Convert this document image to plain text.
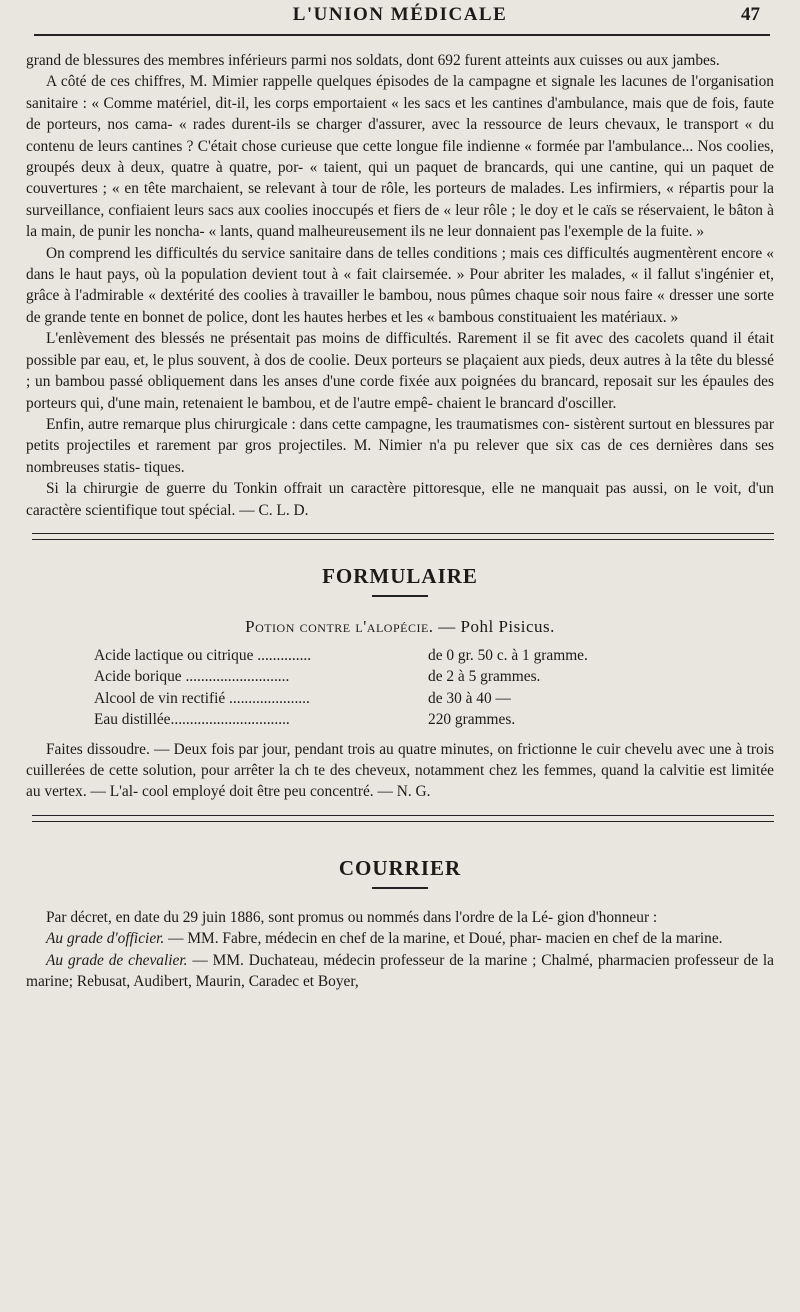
L'UNION MÉDICALE	47

grand de blessures des membres inférieurs parmi nos soldats, dont 692 furent atteints aux cuisses ou aux jambes.

A côté de ces chiffres, M. Mimier rappelle quelques épisodes de la campagne et signale les lacunes de l'organisation sanitaire : « Comme matériel, dit-il, les corps emportaient « les sacs et les cantines d'ambulance, mais que de fois, faute de porteurs, nos cama- « rades durent-ils se charger d'assurer, avec la ressource de leurs chevaux, le transport « du contenu de leurs cantines ? C'était chose curieuse que cette longue file indienne « formée par l'ambulance... Nos coolies, groupés deux à deux, quatre à quatre, por- « taient, qui un paquet de brancards, qui une cantine, qui un paquet de couvertures ; « en tête marchaient, se relevant à tour de rôle, les porteurs de malades. Les infirmiers, « répartis pour la surveillance, confiaient leurs sacs aux coolies inoccupés et fiers de « leur rôle ; le doy et le caïs se réservaient, le bâton à la main, de punir les noncha- « lants, quand malheureusement ils ne leur donnaient pas l'exemple de la fuite. »

On comprend les difficultés du service sanitaire dans de telles conditions ; mais ces difficultés augmentèrent encore « dans le haut pays, où la population devient tout à « fait clairsemée. » Pour abriter les malades, « il fallut s'ingénier et, grâce à l'admirable « dextérité des coolies à travailler le bambou, nous pûmes chaque soir nous faire « dresser une sorte de grande tente en bonnet de police, dont les hautes herbes et les « bambous constituaient les matériaux. »

L'enlèvement des blessés ne présentait pas moins de difficultés. Rarement il se fit avec des cacolets quand il était possible par eau, et, le plus souvent, à dos de coolie. Deux porteurs se plaçaient aux pieds, deux autres à la tête du blessé ; un bambou passé obliquement dans les anses d'une corde fixée aux poignées du brancard, reposait sur les épaules des porteurs qui, d'une main, retenaient le bambou, et de l'autre empê- chaient le brancard d'osciller.

Enfin, autre remarque plus chirurgicale : dans cette campagne, les traumatismes con- sistèrent surtout en blessures par petits projectiles et rarement par gros projectiles. M. Nimier n'a pu relever que six cas de ces dernières dans ses nombreuses statis- tiques.

Si la chirurgie de guerre du Tonkin offrait un caractère pittoresque, elle ne manquait pas aussi, on le voit, d'un caractère scientifique tout spécial. — C. L. D.

FORMULAIRE
Potion contre l'alopécie. — Pohl Pisicus.
Acide lactique ou citrique ..............	de 0 gr. 50 c. à 1 gramme.
Acide borique ...........................	de 2 à 5 grammes.
Alcool de vin rectifié .....................	de 30 à 40 —
Eau distillée...............................	220 grammes.

Faites dissoudre. — Deux fois par jour, pendant trois au quatre minutes, on frictionne le cuir chevelu avec une à trois cuillerées de cette solution, pour arrêter la ch te des cheveux, notamment chez les femmes, quand la calvitie est limitée au vertex. — L'al- cool employé doit être peu concentré. — N. G.

COURRIER

Par décret, en date du 29 juin 1886, sont promus ou nommés dans l'ordre de la Lé- gion d'honneur :

Au grade d'officier. — MM. Fabre, médecin en chef de la marine, et Doué, phar- macien en chef de la marine.

Au grade de chevalier. — MM. Duchateau, médecin professeur de la marine ; Chalmé, pharmacien professeur de la marine; Rebusat, Audibert, Maurin, Caradec et Boyer,
